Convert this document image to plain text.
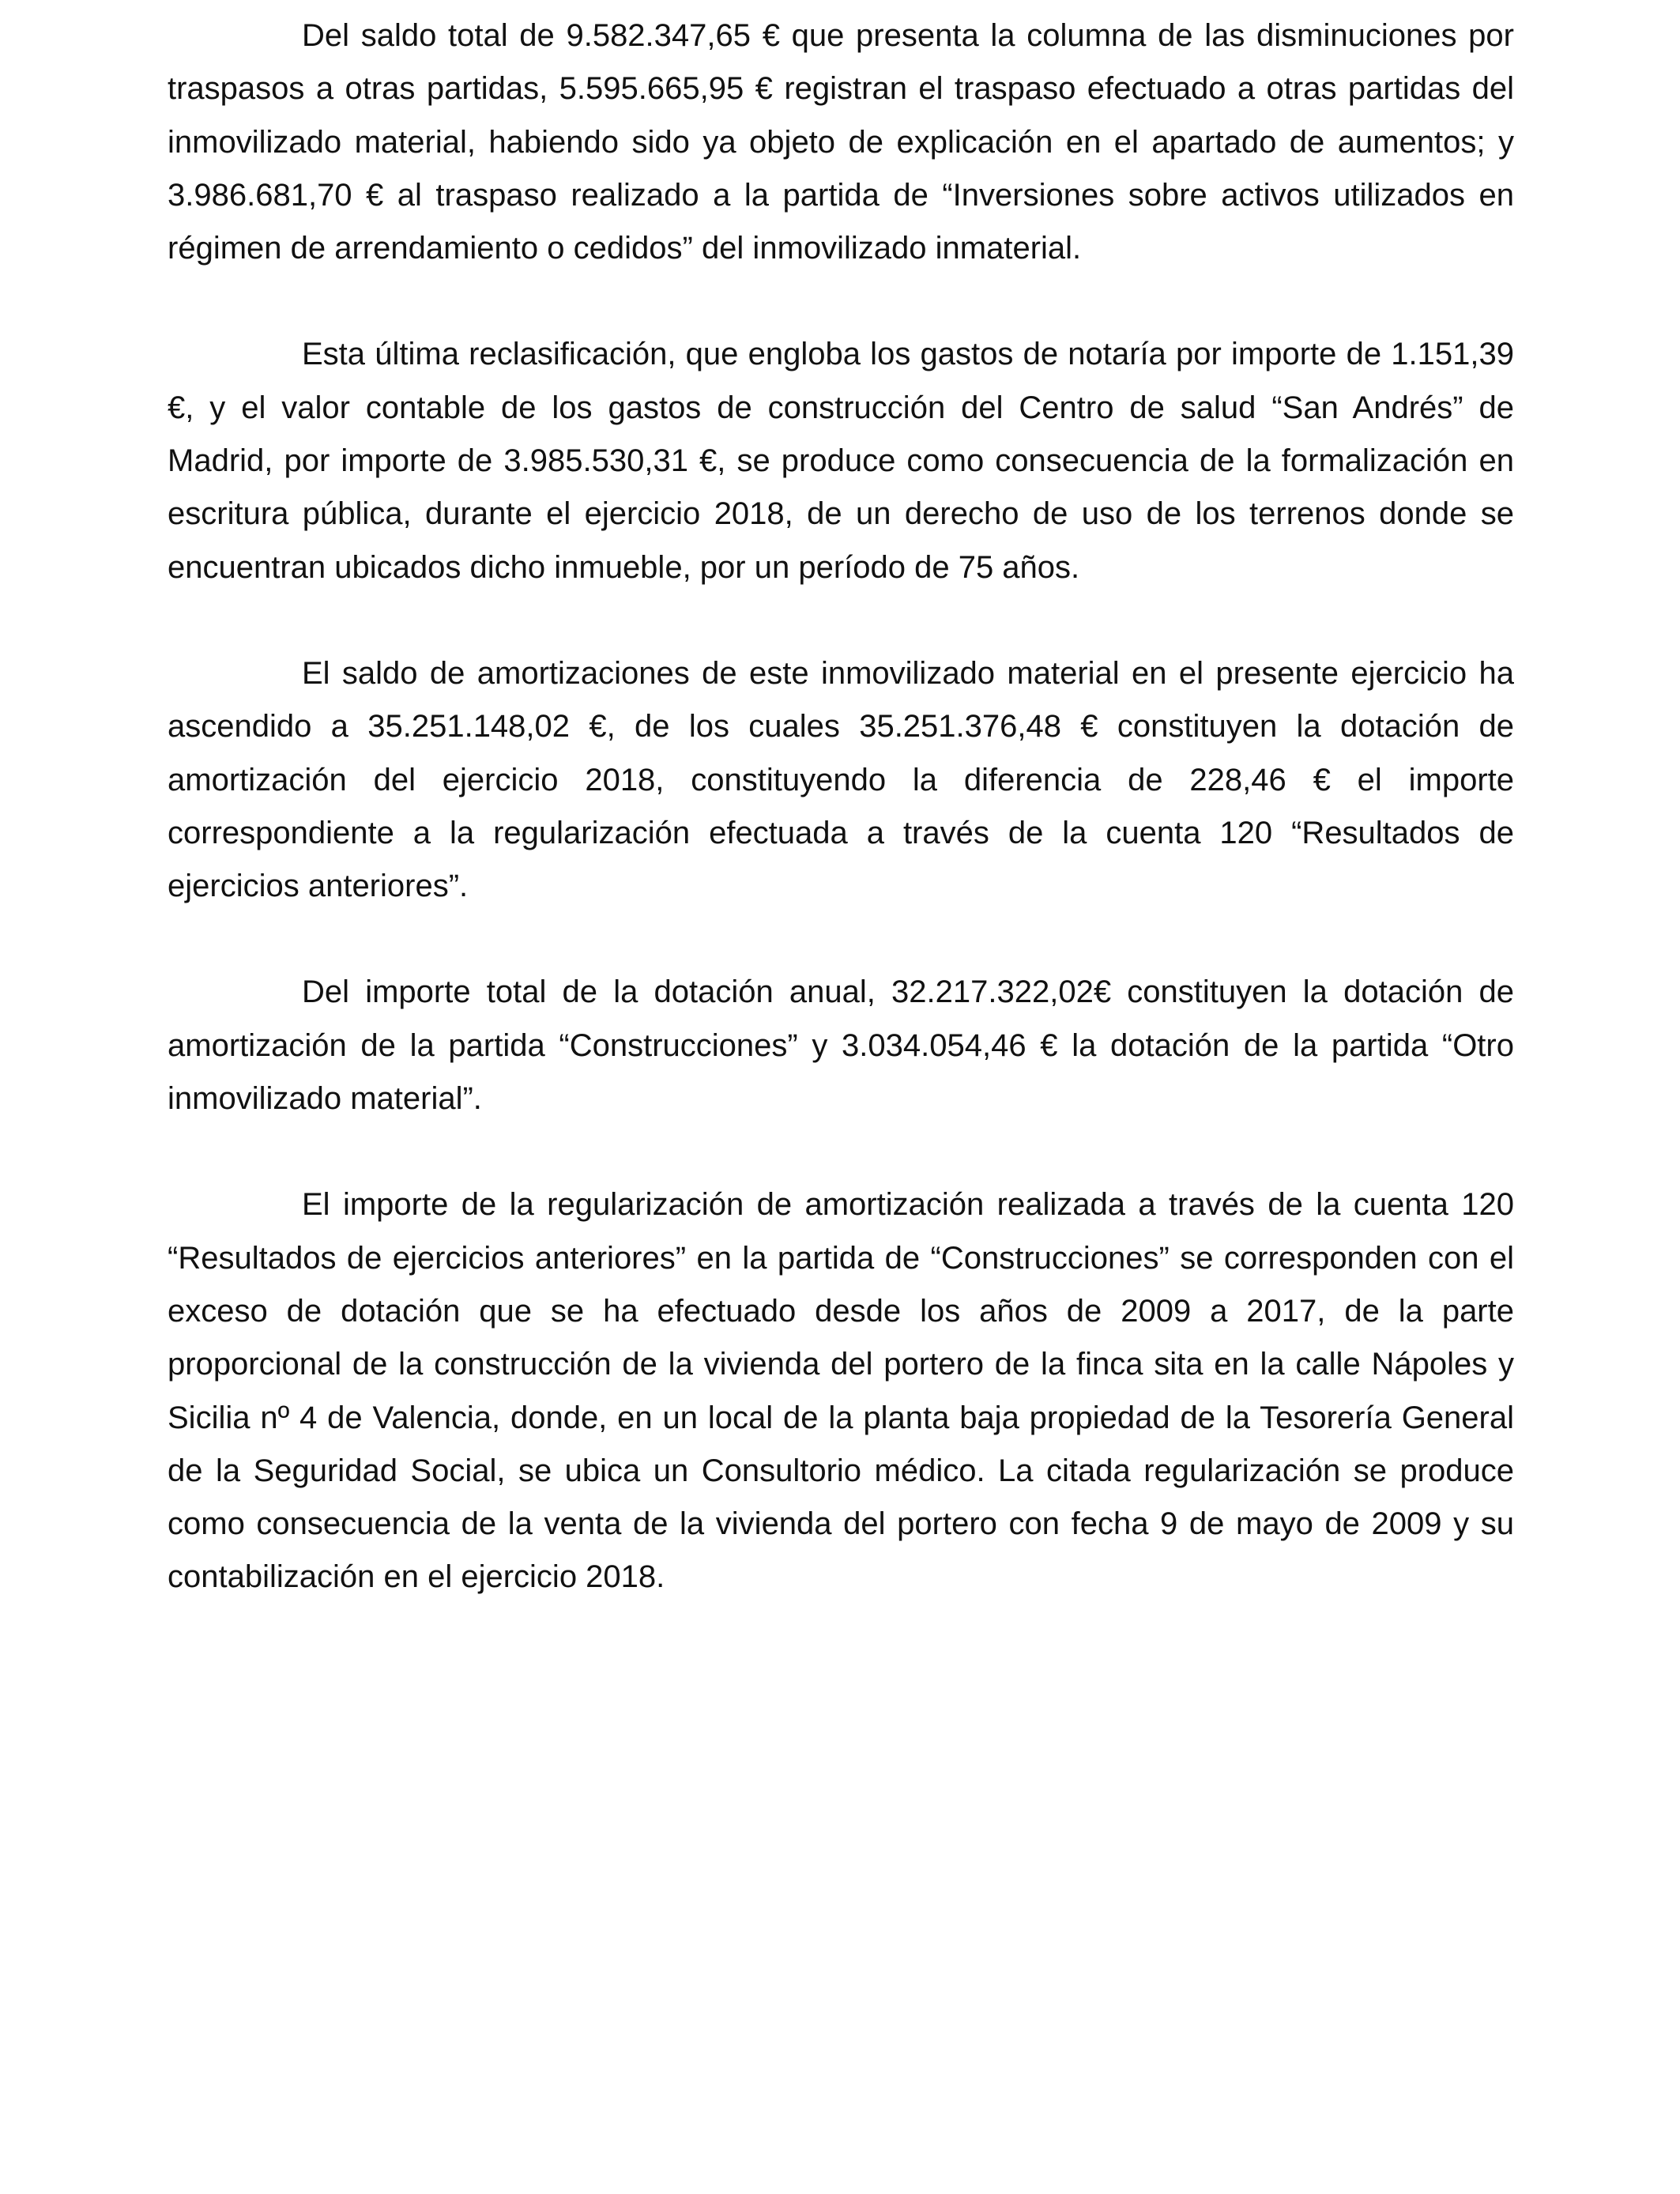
Del saldo total de 9.582.347,65 € que presenta la columna de las disminuciones por traspasos a otras partidas, 5.595.665,95 € registran el traspaso efectuado a otras partidas del inmovilizado material, habiendo sido ya objeto de explicación en el apartado de aumentos; y 3.986.681,70 € al traspaso realizado a la partida de “Inversiones sobre activos utilizados en régimen de arrendamiento o cedidos” del inmovilizado inmaterial.

Esta última reclasificación, que engloba los gastos de notaría por importe de 1.151,39 €, y el valor contable de los gastos de construcción del Centro de salud “San Andrés” de Madrid, por importe de 3.985.530,31 €, se produce como consecuencia de la formalización en escritura pública, durante el ejercicio 2018, de un derecho de uso de los terrenos donde se encuentran ubicados dicho inmueble, por un período de 75 años.

El saldo de amortizaciones de este inmovilizado material en el presente ejercicio ha ascendido a 35.251.148,02 €, de los cuales 35.251.376,48 € constituyen la dotación de amortización del ejercicio 2018, constituyendo la diferencia de 228,46 € el importe correspondiente a la regularización efectuada a través de la cuenta 120 “Resultados de ejercicios anteriores”.

Del importe total de la dotación anual, 32.217.322,02€ constituyen la dotación de amortización de la partida “Construcciones” y 3.034.054,46 € la dotación de la partida “Otro inmovilizado material”.

El importe de la regularización de amortización realizada a través de la cuenta 120 “Resultados de ejercicios anteriores” en la partida de “Construcciones” se corresponden con el exceso de dotación que se ha efectuado desde los años de 2009 a 2017, de la parte proporcional de la construcción de la vivienda del portero de la finca sita en la calle Nápoles y Sicilia nº 4 de Valencia, donde, en un local de la planta baja propiedad de la Tesorería General de la Seguridad Social, se ubica un Consultorio médico. La citada regularización se produce como consecuencia de la venta de la vivienda del portero con fecha 9 de mayo de 2009 y su contabilización en el ejercicio 2018.
